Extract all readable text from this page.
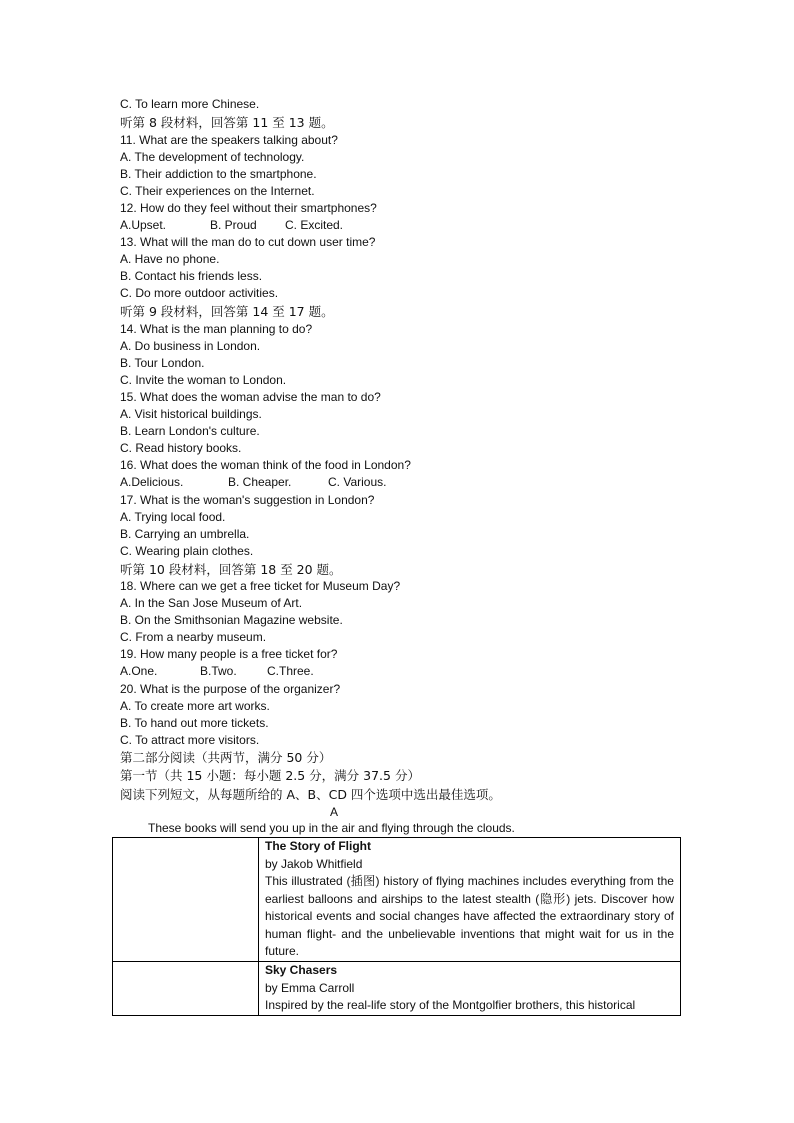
C. To learn more Chinese.
听第 8 段材料，回答第 11 至 13 题。
11. What are the speakers talking about?
A. The development of technology.
B. Their addiction to the smartphone.
C. Their experiences on the Internet.
12. How do they feel without their smartphones?
A.Upset.	B. Proud C. Excited.
13. What will the man do to cut down user time?
A. Have no phone.
B. Contact his friends less.
C. Do more outdoor activities.
听第 9 段材料，回答第 14 至 17 题。
14. What is the man planning to do?
A. Do business in London.
B. Tour London.
C. Invite the woman to London.
15. What does the woman advise the man to do?
A. Visit historical buildings.
B. Learn London's culture.
C. Read history books.
16. What does the woman think of the food in London?
A.Delicious.	B. Cheaper.	C. Various.
17. What is the woman's suggestion in London?
A. Trying local food.
B. Carrying an umbrella.
C. Wearing plain clothes.
听第 10 段材料，回答第 18 至 20 题。
18. Where can we get a free ticket for Museum Day?
A. In the San Jose Museum of Art.
B. On the Smithsonian Magazine website.
C. From a nearby museum.
19. How many people is a free ticket for?
A.One.	B.Two.	C.Three.
20. What is the purpose of the organizer?
A. To create more art works.
B. To hand out more tickets.
C. To attract more visitors.
第二部分阅读（共两节，满分 50 分）
第一节（共 15 小题：每小题 2.5 分，满分 37.5 分）
阅读下列短文，从每题所给的 A、B、CD 四个选项中选出最佳选项。
A
These books will send you up in the air and flying through the clouds.

	The Story of Flight
by Jakob Whitfield
This illustrated (插图) history of flying machines includes everything from the earliest balloons and airships to the latest stealth (隐形) jets. Discover how historical events and social changes have affected the extraordinary story of human flight- and the unbelievable inventions that might wait for us in the future.

	Sky Chasers
by Emma Carroll
Inspired by the real-life story of the Montgolfier brothers, this historical
